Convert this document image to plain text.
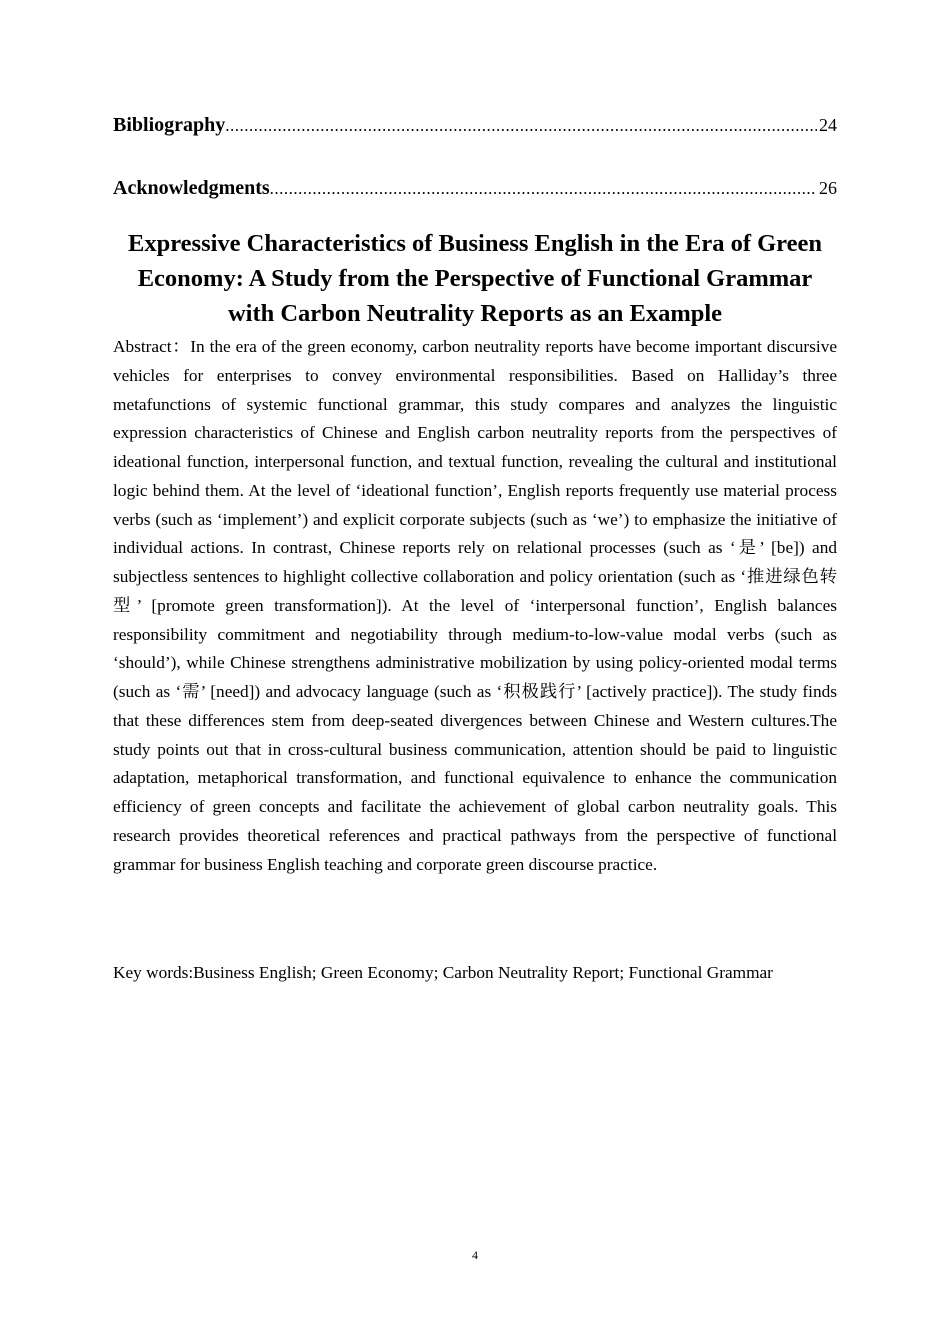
Bibliography .....	24
Acknowledgments .....	26
Expressive Characteristics of Business English in the Era of Green Economy: A Study from the Perspective of Functional Grammar with Carbon Neutrality Reports as an Example

Abstract：In the era of the green economy, carbon neutrality reports have become important discursive vehicles for enterprises to convey environmental responsibilities. Based on Halliday’s three metafunctions of systemic functional grammar, this study compares and analyzes the linguistic expression characteristics of Chinese and English carbon neutrality reports from the perspectives of ideational function, interpersonal function, and textual function, revealing the cultural and institutional logic behind them. At the level of ‘ideational function’, English reports frequently use material process verbs (such as ‘implement’) and explicit corporate subjects (such as ‘we’) to emphasize the initiative of individual actions. In contrast, Chinese reports rely on relational processes (such as ‘是’ [be]) and subjectless sentences to highlight collective collaboration and policy orientation (such as ‘推进绿色转型’ [promote green transformation]). At the level of ‘interpersonal function’, English balances responsibility commitment and negotiability through medium-to-low-value modal verbs (such as ‘should’), while Chinese strengthens administrative mobilization by using policy-oriented modal terms (such as ‘需’ [need]) and advocacy language (such as ‘积极践行’ [actively practice]). The study finds that these differences stem from deep-seated divergences between Chinese and Western cultures.The study points out that in cross-cultural business communication, attention should be paid to linguistic adaptation, metaphorical transformation, and functional equivalence to enhance the communication efficiency of green concepts and facilitate the achievement of global carbon neutrality goals. This research provides theoretical references and practical pathways from the perspective of functional grammar for business English teaching and corporate green discourse practice.

Key words:Business English; Green Economy; Carbon Neutrality Report; Functional Grammar

4
